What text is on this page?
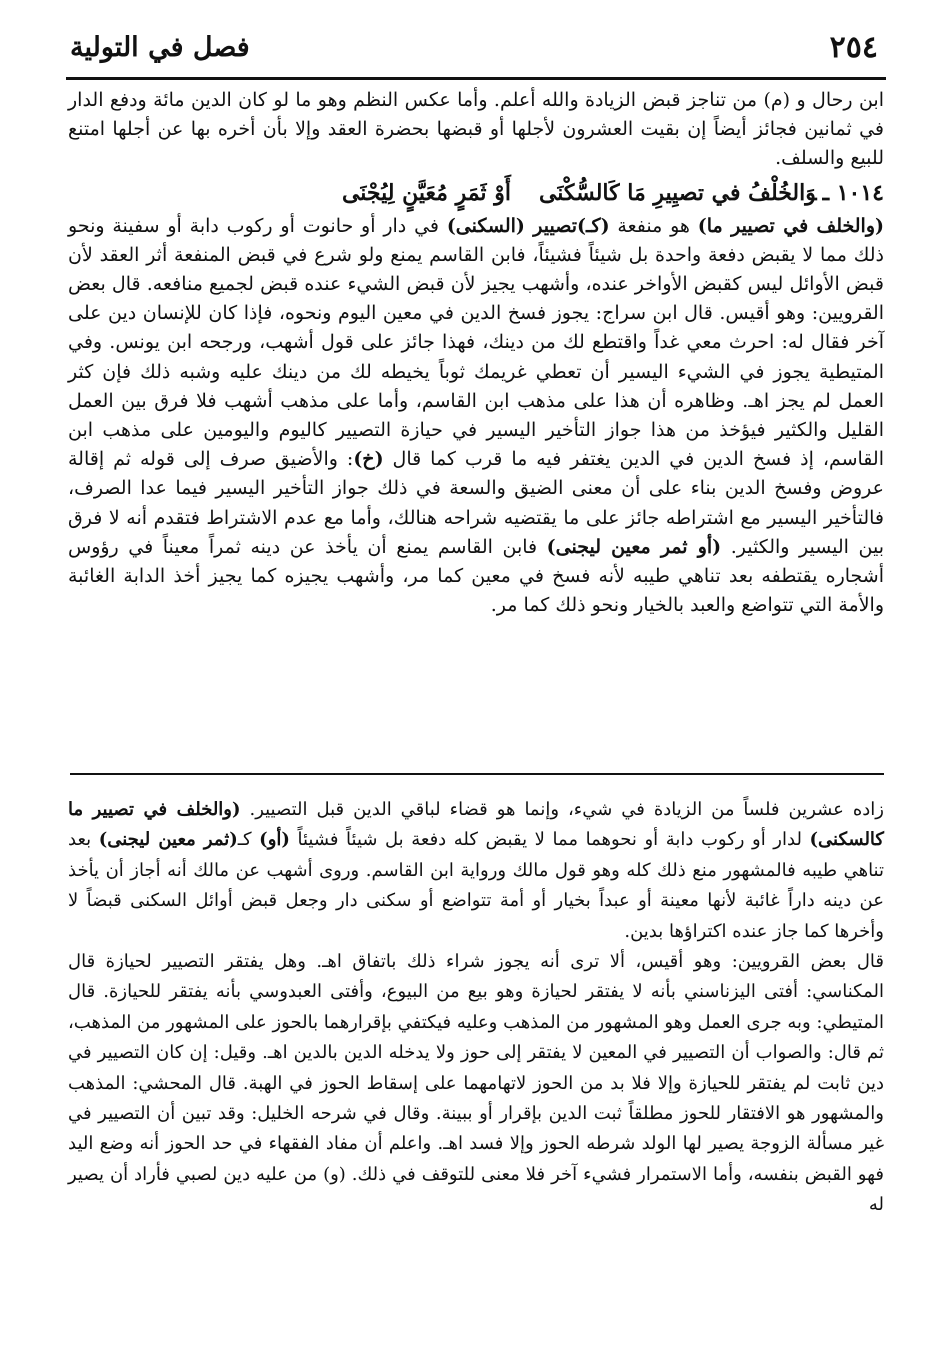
٢٥٤
فصل في التولية

ابن رحال و (م) من تناجز قبض الزيادة والله أعلم. وأما عكس النظم وهو ما لو كان الدين مائة ودفع الدار في ثمانين فجائز أيضاً إن بقيت العشرون لأجلها أو قبضها بحضرة العقد وإلا بأن أخره بها عن أجلها امتنع للبيع والسلف.

١٠١٤ ـوَالخُلْفُ في تصيِيرِ مَا كَالسُّكْنَىأَوْ ثَمَرٍ مُعَيَّنٍ لِيُجْنَى

(والخلف في تصيير ما) هو منفعة (كـ)تصيير (السكنى) في دار أو حانوت أو ركوب دابة أو سفينة ونحو ذلك مما لا يقبض دفعة واحدة بل شيئاً فشيئاً، فابن القاسم يمنع ولو شرع في قبض المنفعة أثر العقد لأن قبض الأوائل ليس كقبض الأواخر عنده، وأشهب يجيز لأن قبض الشيء عنده قبض لجميع منافعه. قال بعض القرويين: وهو أقيس. قال ابن سراج: يجوز فسخ الدين في معين اليوم ونحوه، فإذا كان للإنسان دين على آخر فقال له: احرث معي غداً واقتطع لك من دينك، فهذا جائز على قول أشهب، ورجحه ابن يونس. وفي المتيطية يجوز في الشيء اليسير أن تعطي غريمك ثوباً يخيطه لك من دينك عليه وشبه ذلك فإن كثر العمل لم يجز اهـ. وظاهره أن هذا على مذهب ابن القاسم، وأما على مذهب أشهب فلا فرق بين العمل القليل والكثير فيؤخذ من هذا جواز التأخير اليسير في حيازة التصيير كاليوم واليومين على مذهب ابن القاسم، إذ فسخ الدين في الدين يغتفر فيه ما قرب كما قال (خ): والأضيق صرف إلى قوله ثم إقالة عروض وفسخ الدين بناء على أن معنى الضيق والسعة في ذلك جواز التأخير اليسير فيما عدا الصرف، فالتأخير اليسير مع اشتراطه جائز على ما يقتضيه شراحه هنالك، وأما مع عدم الاشتراط فتقدم أنه لا فرق بين اليسير والكثير. (أو ثمر معين ليجنى) فابن القاسم يمنع أن يأخذ عن دينه ثمراً معيناً في رؤوس أشجاره يقتطفه بعد تناهي طيبه لأنه فسخ في معين كما مر، وأشهب يجيزه كما يجيز أخذ الدابة الغائبة والأمة التي تتواضع والعبد بالخيار ونحو ذلك كما مر.

زاده عشرين فلساً من الزيادة في شيء، وإنما هو قضاء لباقي الدين قبل التصيير. (والخلف في تصيير ما كالسكنى) لدار أو ركوب دابة أو نحوهما مما لا يقبض كله دفعة بل شيئاً فشيئاً (أو) كـ(ثمر معين ليجنى) بعد تناهي طيبه فالمشهور منع ذلك كله وهو قول مالك ورواية ابن القاسم. وروى أشهب عن مالك أنه أجاز أن يأخذ عن دينه داراً غائبة لأنها معينة أو عبداً بخيار أو أمة تتواضع أو سكنى دار وجعل قبض أوائل السكنى قبضاً لا وأخرها كما جاز عنده اكتراؤها بدين.

قال بعض القرويين: وهو أقيس، ألا ترى أنه يجوز شراء ذلك باتفاق اهـ. وهل يفتقر التصيير لحيازة قال المكناسي: أفتى اليزناسني بأنه لا يفتقر لحيازة وهو بيع من البيوع، وأفتى العبدوسي بأنه يفتقر للحيازة. قال المتيطي: وبه جرى العمل وهو المشهور من المذهب وعليه فيكتفي بإقرارهما بالحوز على المشهور من المذهب، ثم قال: والصواب أن التصيير في المعين لا يفتقر إلى حوز ولا يدخله الدين بالدين اهـ. وقيل: إن كان التصيير في دين ثابت لم يفتقر للحيازة وإلا فلا بد من الحوز لاتهامهما على إسقاط الحوز في الهبة. قال المحشي: المذهب والمشهور هو الافتقار للحوز مطلقاً ثبت الدين بإقرار أو ببينة. وقال في شرحه الخليل: وقد تبين أن التصيير في غير مسألة الزوجة يصير لها الولد شرطه الحوز وإلا فسد اهـ. واعلم أن مفاد الفقهاء في حد الحوز أنه وضع اليد فهو القبض بنفسه، وأما الاستمرار فشيء آخر فلا معنى للتوقف في ذلك. (و) من عليه دين لصبي فأراد أن يصير له
